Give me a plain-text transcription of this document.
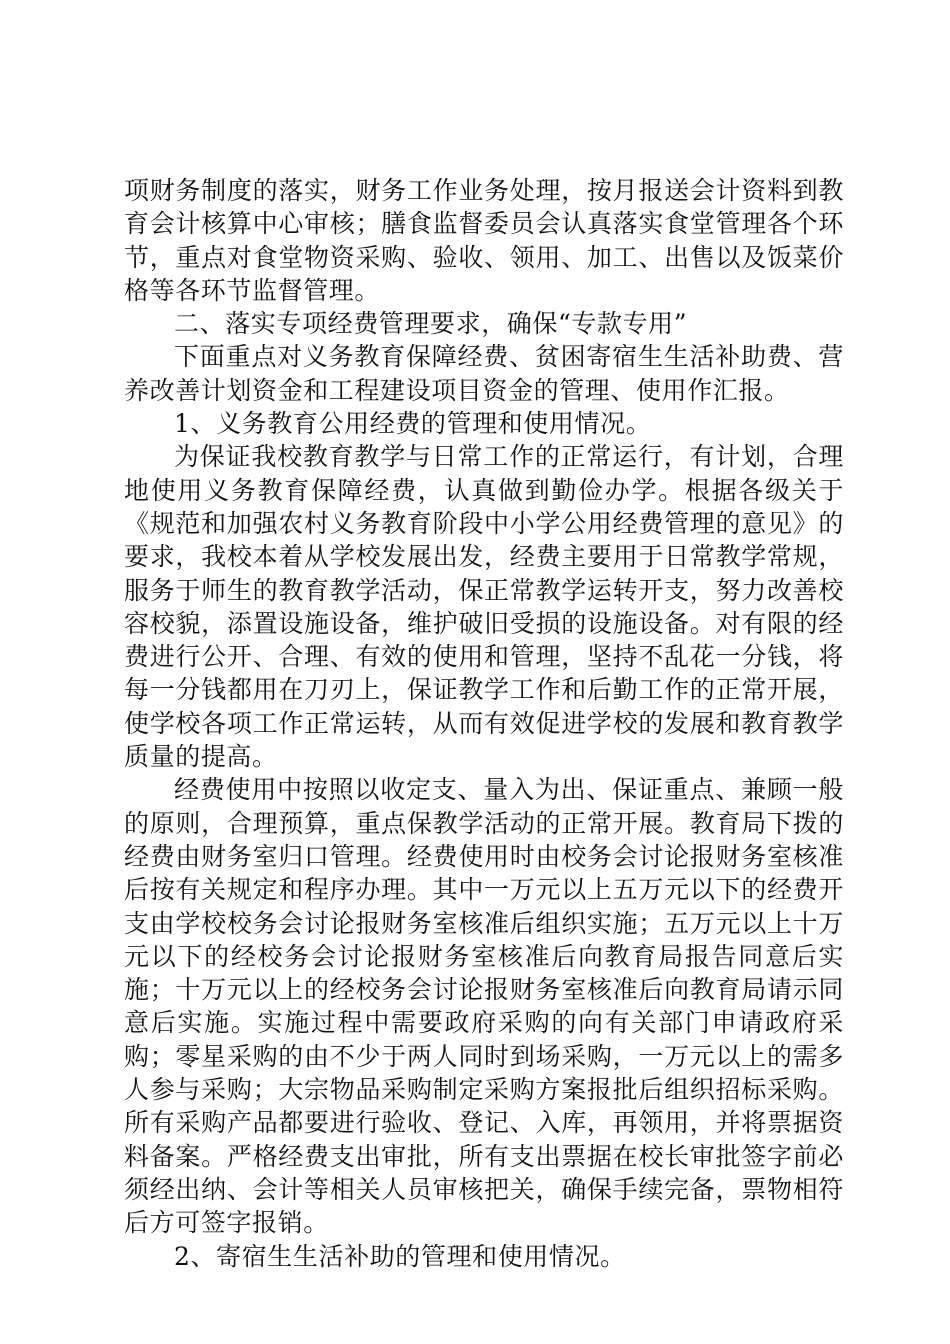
项财务制度的落实，财务工作业务处理，按月报送会计资料到教育会计核算中心审核；膳食监督委员会认真落实食堂管理各个环节，重点对食堂物资采购、验收、领用、加工、出售以及饭菜价格等各环节监督管理。

二、落实专项经费管理要求，确保“专款专用”

下面重点对义务教育保障经费、贫困寄宿生生活补助费、营养改善计划资金和工程建设项目资金的管理、使用作汇报。

1、义务教育公用经费的管理和使用情况。

为保证我校教育教学与日常工作的正常运行，有计划，合理地使用义务教育保障经费，认真做到勤俭办学。根据各级关于《规范和加强农村义务教育阶段中小学公用经费管理的意见》的要求，我校本着从学校发展出发，经费主要用于日常教学常规，服务于师生的教育教学活动，保正常教学运转开支，努力改善校容校貌，添置设施设备，维护破旧受损的设施设备。对有限的经费进行公开、合理、有效的使用和管理，坚持不乱花一分钱，将每一分钱都用在刀刃上，保证教学工作和后勤工作的正常开展，使学校各项工作正常运转，从而有效促进学校的发展和教育教学质量的提高。

经费使用中按照以收定支、量入为出、保证重点、兼顾一般的原则，合理预算，重点保教学活动的正常开展。教育局下拨的经费由财务室归口管理。经费使用时由校务会讨论报财务室核准后按有关规定和程序办理。其中一万元以上五万元以下的经费开支由学校校务会讨论报财务室核准后组织实施；五万元以上十万元以下的经校务会讨论报财务室核准后向教育局报告同意后实施；十万元以上的经校务会讨论报财务室核准后向教育局请示同意后实施。实施过程中需要政府采购的向有关部门申请政府采购；零星采购的由不少于两人同时到场采购，一万元以上的需多人参与采购；大宗物品采购制定采购方案报批后组织招标采购。所有采购产品都要进行验收、登记、入库，再领用，并将票据资料备案。严格经费支出审批，所有支出票据在校长审批签字前必须经出纳、会计等相关人员审核把关，确保手续完备，票物相符后方可签字报销。

2、寄宿生生活补助的管理和使用情况。
